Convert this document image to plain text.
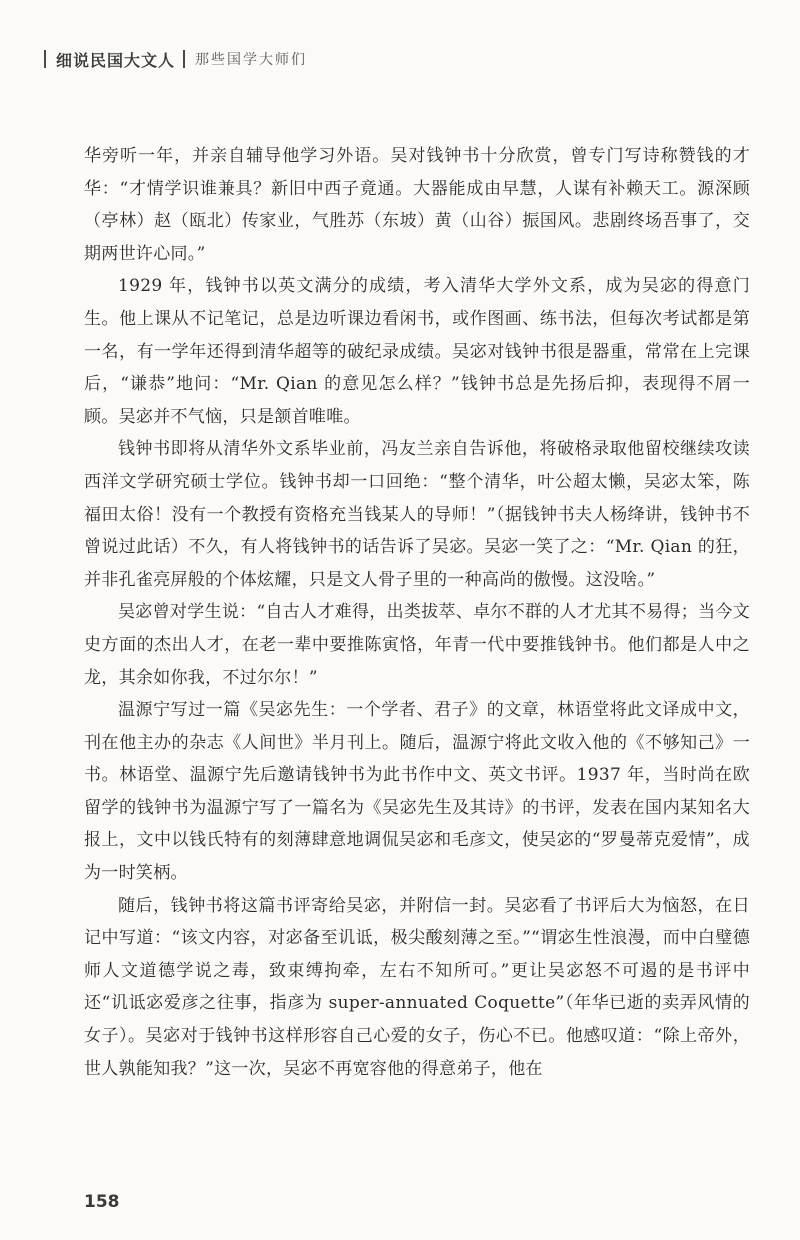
细说民国大文人 那些国学大师们

华旁听一年，并亲自辅导他学习外语。吴对钱钟书十分欣赏，曾专门写诗称赞钱的才华：“才情学识谁兼具？新旧中西子竟通。大器能成由早慧，人谋有补赖天工。源深顾（亭林）赵（瓯北）传家业，气胜苏（东坡）黄（山谷）振国风。悲剧终场吾事了，交期两世许心同。”

1929 年，钱钟书以英文满分的成绩，考入清华大学外文系，成为吴宓的得意门生。他上课从不记笔记，总是边听课边看闲书，或作图画、练书法，但每次考试都是第一名，有一学年还得到清华超等的破纪录成绩。吴宓对钱钟书很是器重，常常在上完课后，“谦恭”地问：“Mr. Qian 的意见怎么样？”钱钟书总是先扬后抑，表现得不屑一顾。吴宓并不气恼，只是颔首唯唯。

钱钟书即将从清华外文系毕业前，冯友兰亲自告诉他，将破格录取他留校继续攻读西洋文学研究硕士学位。钱钟书却一口回绝：“整个清华，叶公超太懒，吴宓太笨，陈福田太俗！没有一个教授有资格充当钱某人的导师！”（据钱钟书夫人杨绛讲，钱钟书不曾说过此话）不久，有人将钱钟书的话告诉了吴宓。吴宓一笑了之：“Mr. Qian 的狂，并非孔雀亮屏般的个体炫耀，只是文人骨子里的一种高尚的傲慢。这没啥。”

吴宓曾对学生说：“自古人才难得，出类拔萃、卓尔不群的人才尤其不易得；当今文史方面的杰出人才，在老一辈中要推陈寅恪，年青一代中要推钱钟书。他们都是人中之龙，其余如你我，不过尔尔！”

温源宁写过一篇《吴宓先生：一个学者、君子》的文章，林语堂将此文译成中文，刊在他主办的杂志《人间世》半月刊上。随后，温源宁将此文收入他的《不够知己》一书。林语堂、温源宁先后邀请钱钟书为此书作中文、英文书评。1937 年，当时尚在欧留学的钱钟书为温源宁写了一篇名为《吴宓先生及其诗》的书评，发表在国内某知名大报上，文中以钱氏特有的刻薄肆意地调侃吴宓和毛彦文，使吴宓的“罗曼蒂克爱情”，成为一时笑柄。

随后，钱钟书将这篇书评寄给吴宓，并附信一封。吴宓看了书评后大为恼怒，在日记中写道：“该文内容，对宓备至讥诋，极尖酸刻薄之至。”“谓宓生性浪漫，而中白璧德师人文道德学说之毒，致束缚拘牵，左右不知所可。”更让吴宓怒不可遏的是书评中还“讥诋宓爱彦之往事，指彦为 super-annuated Coquette”（年华已逝的卖弄风情的女子）。吴宓对于钱钟书这样形容自己心爱的女子，伤心不已。他感叹道：“除上帝外，世人孰能知我？”这一次，吴宓不再宽容他的得意弟子，他在

158
